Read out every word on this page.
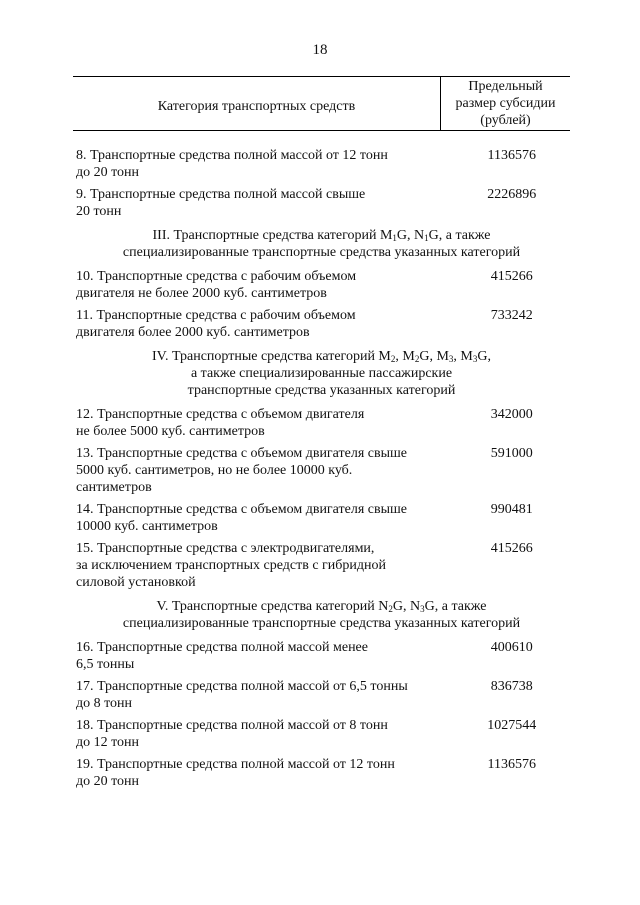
18
Категория транспортных средств
Предельный
размер субсидии
(рублей)
8. Транспортные средства полной массой от 12 тонн
до 20 тонн
1136576
9. Транспортные средства полной массой свыше
20 тонн
2226896
III. Транспортные средства категорий $M_1G$, $N_1G$, а также
специализированные транспортные средства указанных категорий
10. Транспортные средства с рабочим объемом
двигателя не более 2000 куб. сантиметров
415266
11. Транспортные средства с рабочим объемом
двигателя более 2000 куб. сантиметров
733242
IV. Транспортные средства категорий $M_2$, $M_2G$, $M_3$, $M_3G$,
а также специализированные пассажирские
транспортные средства указанных категорий
12. Транспортные средства с объемом двигателя
не более 5000 куб. сантиметров
342000
13. Транспортные средства с объемом двигателя свыше
5000 куб. сантиметров, но не более 10000 куб.
сантиметров
591000
14. Транспортные средства с объемом двигателя свыше
10000 куб. сантиметров
990481
15. Транспортные средства с электродвигателями,
за исключением транспортных средств с гибридной
силовой установкой
415266
V. Транспортные средства категорий $N_2G$, $N_3G$, а также
специализированные транспортные средства указанных категорий
16. Транспортные средства полной массой менее
6,5 тонны
400610
17. Транспортные средства полной массой от 6,5 тонны
до 8 тонн
836738
18. Транспортные средства полной массой от 8 тонн
до 12 тонн
1027544
19. Транспортные средства полной массой от 12 тонн
до 20 тонн
1136576
